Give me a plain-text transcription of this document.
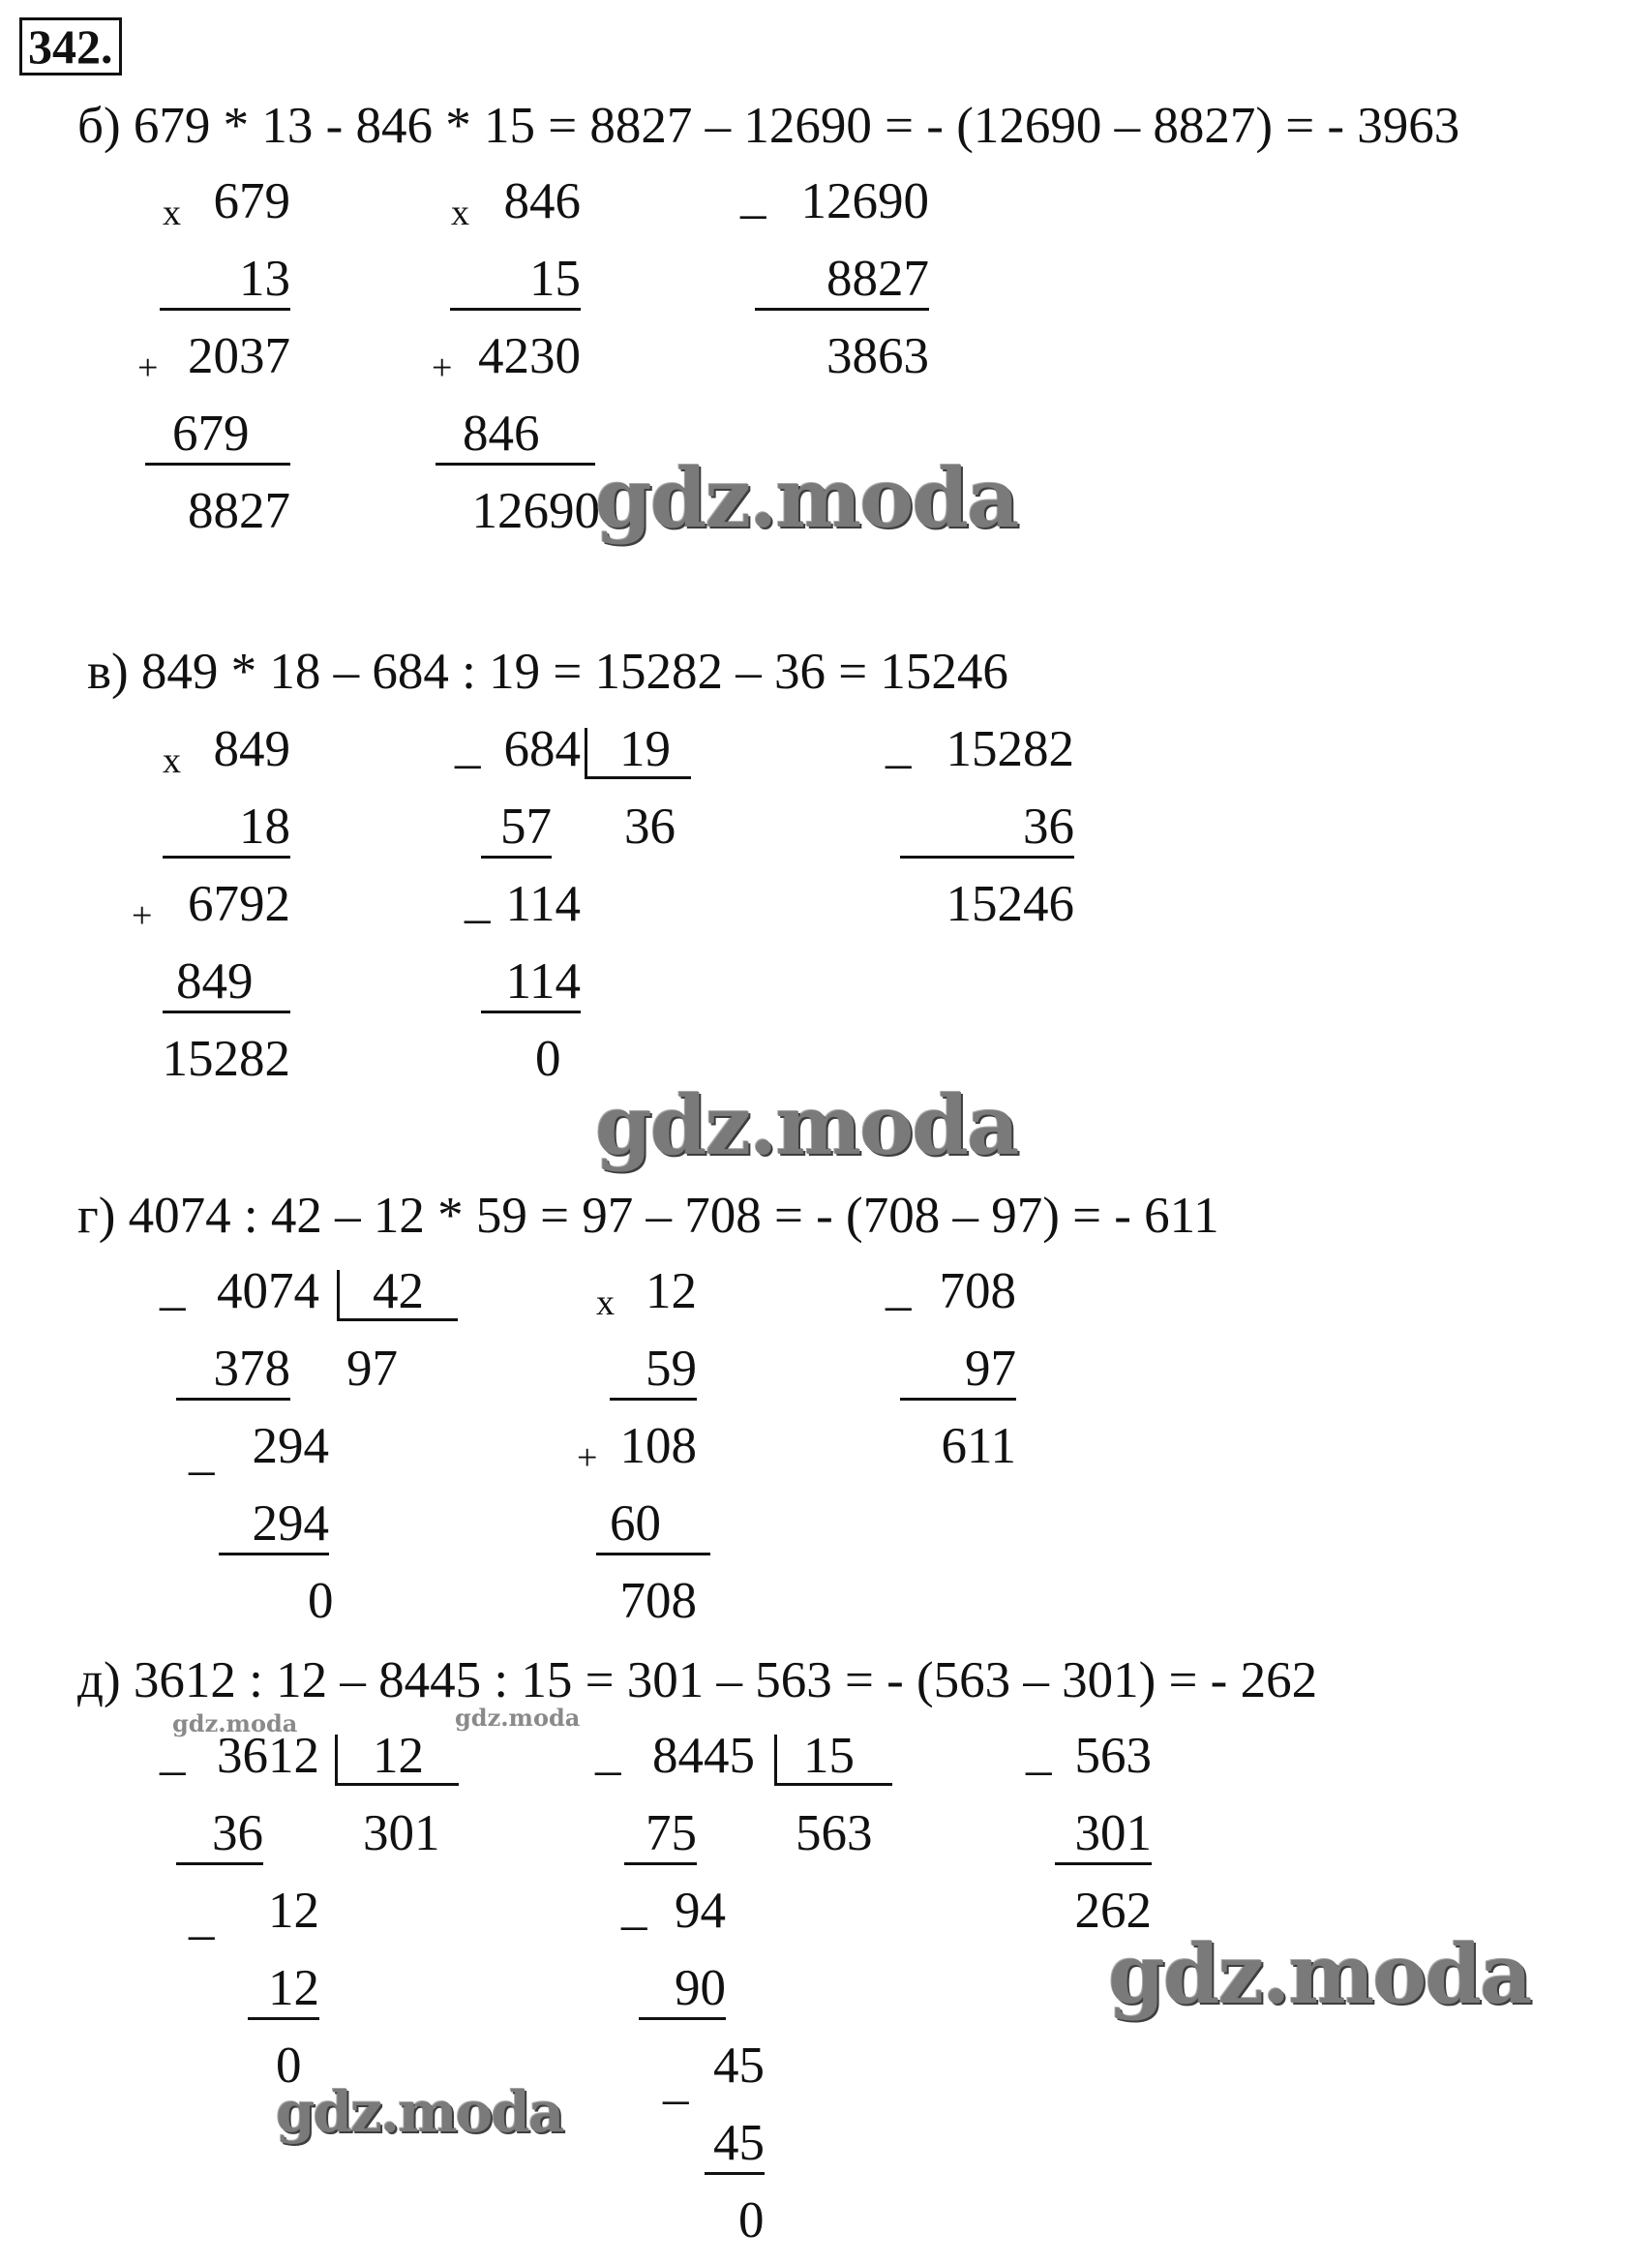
342.
б) 679 * 13 - 846 * 15 = 8827 – 12690 = - (12690 – 8827) = - 3963
x 679
13
+ 2037
679
8827
x 846
15
+ 4230
846
12690
_ 12690
8827
3863
gdz.moda
в) 849 * 18 – 684 : 19 = 15282 – 36 = 15246
x 849
18
+ 6792
849
15282
_ 684 19
36
57
_ 114
114
0
_ 15282
36
15246
gdz.moda
г) 4074 : 42 – 12 * 59 = 97 – 708 = - (708 – 97) = - 611
_ 4074 42
97
378
_ 294
294
0
x 12
59
+ 108
60
708
_ 708
97
611
д) 3612 : 12 – 8445 : 15 = 301 – 563 = - (563 – 301) = - 262
gdz.moda	gdz.moda
_ 3612 12
301
36
_	12
12
0
gdz.moda
_ 8445 15
563
75
_ 94
90
_ 45
45
0
_ 563
301
262
gdz.moda
